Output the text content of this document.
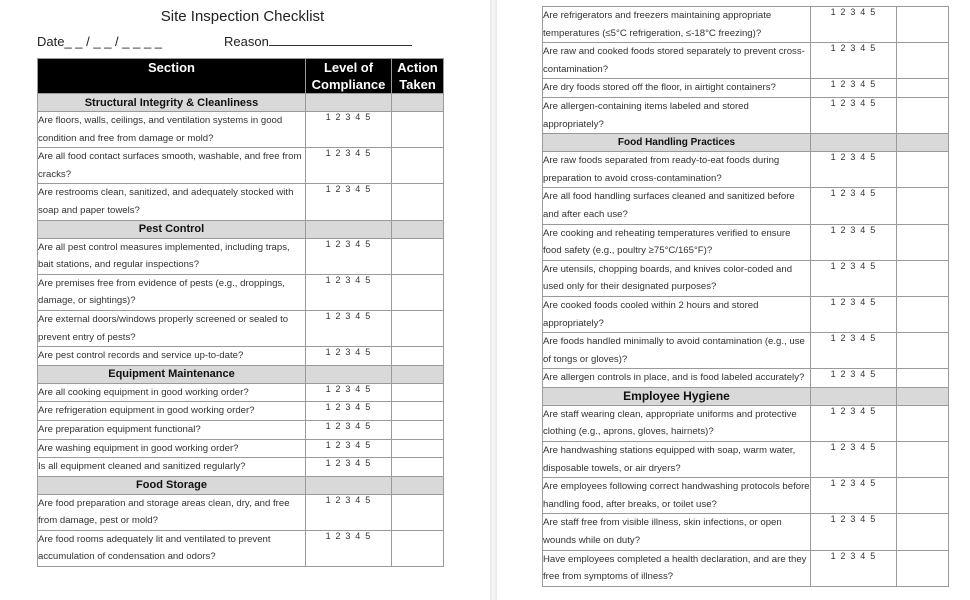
Site Inspection Checklist
Date_ _ / _ _ / _ _ _ _	Reason
Section	Level of Compliance	Action Taken
Structural Integrity & Cleanliness		
Are floors, walls, ceilings, and ventilation systems in good condition and free from damage or mold?	1 2 3 4 5	
Are all food contact surfaces smooth, washable, and free from cracks?	1 2 3 4 5	
Are restrooms clean, sanitized, and adequately stocked with soap and paper towels?	1 2 3 4 5	
Pest Control		
Are all pest control measures implemented, including traps, bait stations, and regular inspections?	1 2 3 4 5	
Are premises free from evidence of pests (e.g., droppings, damage, or sightings)?	1 2 3 4 5	
Are external doors/windows properly screened or sealed to prevent entry of pests?	1 2 3 4 5	
Are pest control records and service up-to-date?	1 2 3 4 5	
Equipment Maintenance		
Are all cooking equipment in good working order?	1 2 3 4 5	
Are refrigeration equipment in good working order?	1 2 3 4 5	
Are preparation equipment functional?	1 2 3 4 5	
Are washing equipment in good working order?	1 2 3 4 5	
Is all equipment cleaned and sanitized regularly?	1 2 3 4 5	
Food Storage		
Are food preparation and storage areas clean, dry, and free from damage, pest or mold?	1 2 3 4 5	
Are food rooms adequately lit and ventilated to prevent accumulation of condensation and odors?	1 2 3 4 5	
Are refrigerators and freezers maintaining appropriate temperatures (≤5°C refrigeration, ≤-18°C freezing)?	1 2 3 4 5	
Are raw and cooked foods stored separately to prevent cross-contamination?	1 2 3 4 5	
Are dry foods stored off the floor, in airtight containers?	1 2 3 4 5	
Are allergen-containing items labeled and stored appropriately?	1 2 3 4 5	
Food Handling Practices		
Are raw foods separated from ready-to-eat foods during preparation to avoid cross-contamination?	1 2 3 4 5	
Are all food handling surfaces cleaned and sanitized before and after each use?	1 2 3 4 5	
Are cooking and reheating temperatures verified to ensure food safety (e.g., poultry ≥75°C/165°F)?	1 2 3 4 5	
Are utensils, chopping boards, and knives color-coded and used only for their designated purposes?	1 2 3 4 5	
Are cooked foods cooled within 2 hours and stored appropriately?	1 2 3 4 5	
Are foods handled minimally to avoid contamination (e.g., use of tongs or gloves)?	1 2 3 4 5	
Are allergen controls in place, and is food labeled accurately?	1 2 3 4 5	
Employee Hygiene		
Are staff wearing clean, appropriate uniforms and protective clothing (e.g., aprons, gloves, hairnets)?	1 2 3 4 5	
Are handwashing stations equipped with soap, warm water, disposable towels, or air dryers?	1 2 3 4 5	
Are employees following correct handwashing protocols before handling food, after breaks, or toilet use?	1 2 3 4 5	
Are staff free from visible illness, skin infections, or open wounds while on duty?	1 2 3 4 5	
Have employees completed a health declaration, and are they free from symptoms of illness?	1 2 3 4 5	
